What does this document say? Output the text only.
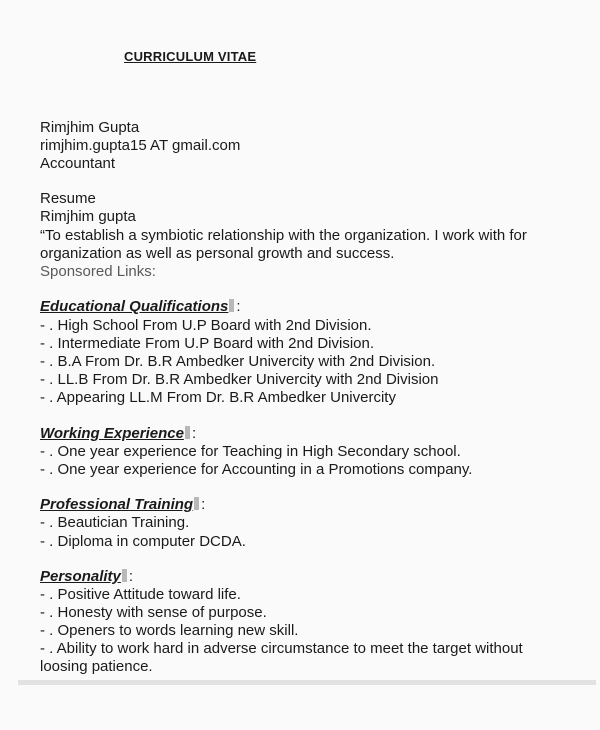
CURRICULUM VITAE
Rimjhim Gupta
rimjhim.gupta15 AT gmail.com
Accountant
Resume
Rimjhim gupta
“To establish a symbiotic relationship with the organization. I work with for
organization as well as personal growth and success.
Sponsored Links:
Educational Qualifications :
- . High School From U.P Board with 2nd Division.
- . Intermediate From U.P Board with 2nd Division.
- . B.A From Dr. B.R Ambedker Univercity with 2nd Division.
- . LL.B From Dr. B.R Ambedker Univercity with 2nd Division
- . Appearing LL.M From Dr. B.R Ambedker Univercity
Working Experience :
- . One year experience for Teaching in High Secondary school.
- . One year experience for Accounting in a Promotions company.
Professional Training :
- . Beautician Training.
- . Diploma in computer DCDA.
Personality :
- . Positive Attitude toward life.
- . Honesty with sense of purpose.
- . Openers to words learning new skill.
- . Ability to work hard in adverse circumstance to meet the target without
loosing patience.
